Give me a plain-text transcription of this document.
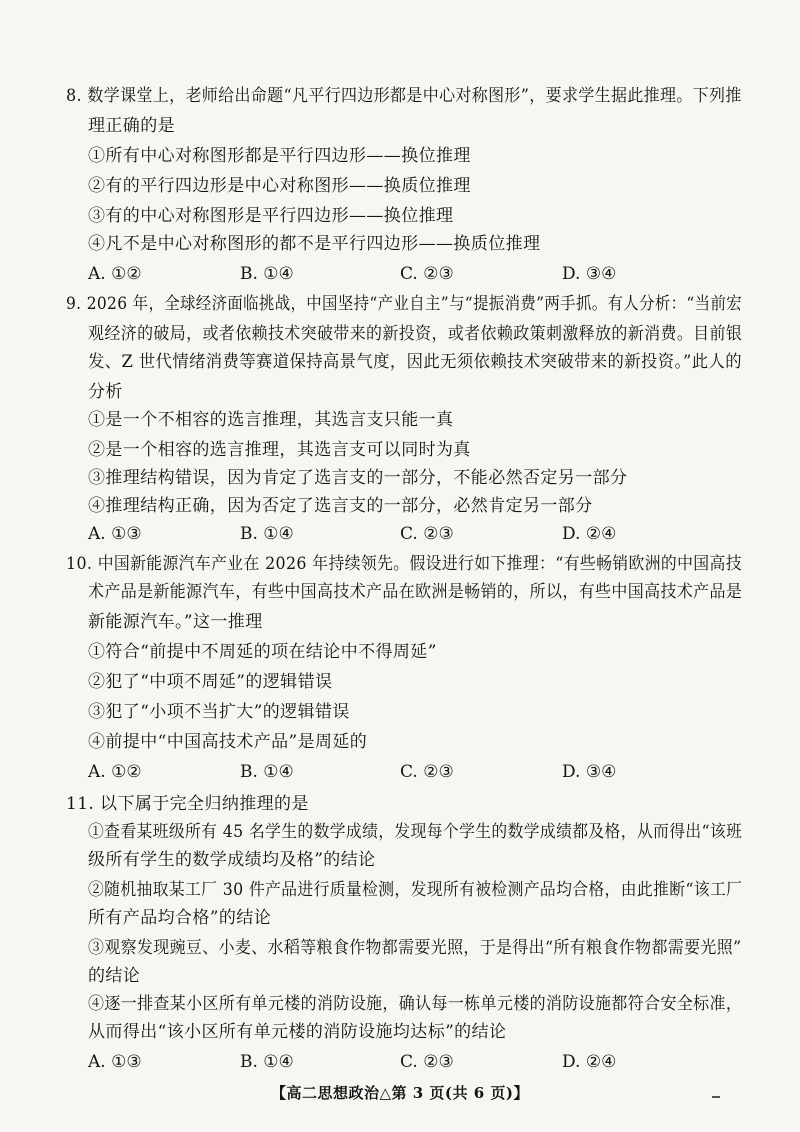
8. 数学课堂上，老师给出命题“凡平行四边形都是中心对称图形”，要求学生据此推理。下列推
理正确的是
①所有中心对称图形都是平行四边形——换位推理
②有的平行四边形是中心对称图形——换质位推理
③有的中心对称图形是平行四边形——换位推理
④凡不是中心对称图形的都不是平行四边形——换质位推理
A. ①②	B. ①④	C. ②③	D. ③④
9. 2026 年，全球经济面临挑战，中国坚持“产业自主”与“提振消费”两手抓。有人分析：“当前宏
观经济的破局，或者依赖技术突破带来的新投资，或者依赖政策刺激释放的新消费。目前银
发、Z 世代情绪消费等赛道保持高景气度，因此无须依赖技术突破带来的新投资。”此人的
分析
①是一个不相容的选言推理，其选言支只能一真
②是一个相容的选言推理，其选言支可以同时为真
③推理结构错误，因为肯定了选言支的一部分，不能必然否定另一部分
④推理结构正确，因为否定了选言支的一部分，必然肯定另一部分
A. ①③	B. ①④	C. ②③	D. ②④
10. 中国新能源汽车产业在 2026 年持续领先。假设进行如下推理：“有些畅销欧洲的中国高技
术产品是新能源汽车，有些中国高技术产品在欧洲是畅销的，所以，有些中国高技术产品是
新能源汽车。”这一推理
①符合“前提中不周延的项在结论中不得周延”
②犯了“中项不周延”的逻辑错误
③犯了“小项不当扩大”的逻辑错误
④前提中“中国高技术产品”是周延的
A. ①②	B. ①④	C. ②③	D. ③④
11. 以下属于完全归纳推理的是
①查看某班级所有 45 名学生的数学成绩，发现每个学生的数学成绩都及格，从而得出“该班
级所有学生的数学成绩均及格”的结论
②随机抽取某工厂 30 件产品进行质量检测，发现所有被检测产品均合格，由此推断“该工厂
所有产品均合格”的结论
③观察发现豌豆、小麦、水稻等粮食作物都需要光照，于是得出“所有粮食作物都需要光照”
的结论
④逐一排查某小区所有单元楼的消防设施，确认每一栋单元楼的消防设施都符合安全标准，
从而得出“该小区所有单元楼的消防设施均达标”的结论
A. ①③	B. ①④	C. ②③	D. ②④
【高二思想政治△第 3 页(共 6 页)】
